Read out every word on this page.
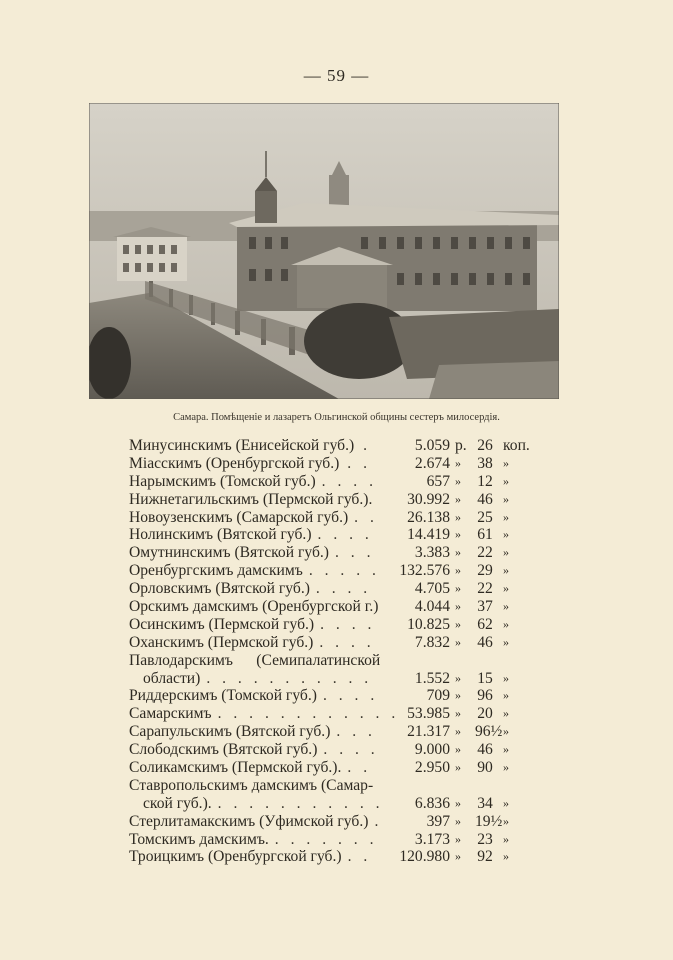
— 59 —
Самара. Помѣщеніе и лазаретъ Ольгинской общины сестеръ милосердія.
Минусинскимъ (Енисейской губ.) .	5.059 р. 26 коп.
Міасскимъ (Оренбургской губ.) . .	2.674 » 38 »
Нарымскимъ (Томской губ.) . . . .	657 » 12 »
Нижнетагильскимъ (Пермской губ.). 30.992 » 46 »
Новоузенскимъ (Самарской губ.) . . 26.138 » 25 »
Нолинскимъ (Вятской губ.) . . . . 14.419 » 61 »
Омутнинскимъ (Вятской губ.) . . .	3.383 » 22 »
Оренбургскимъ дамскимъ . . . . . 132.576 » 29 »
Орловскимъ (Вятской губ.) . . . .	4.705 » 22 »
Орскимъ дамскимъ (Оренбургской г.) 4.044 » 37 »
Осинскимъ (Пермской губ.) . . . . 10.825 » 62 »
Оханскимъ (Пермской губ.) . . . .	7.832 » 46 »
Павлодарскимъ      (Семипалатинской
области) . . . . . . . . . . .	1.552 » 15 »
Риддерскимъ (Томской губ.) . . . .	709 » 96 »
Самарскимъ . . . . . . . . . . . . 53.985 » 20 »
Сарапульскимъ (Вятской губ.) . . . 21.317 » 96½ »
Слободскимъ (Вятской губ.) . . . . 9.000 » 46 »
Соликамскимъ (Пермской губ.). . .	2.950 » 90 »
Ставропольскимъ дамскимъ (Самар-
ской губ.). . . . . . . . . . . . 6.836 » 34 »
Стерлитамакскимъ (Уфимской губ.) .	397 » 19½ »
Томскимъ дамскимъ. . . . . . . . 3.173 » 23 »
Троицкимъ (Оренбургской губ.) . . 120.980 » 92 »
